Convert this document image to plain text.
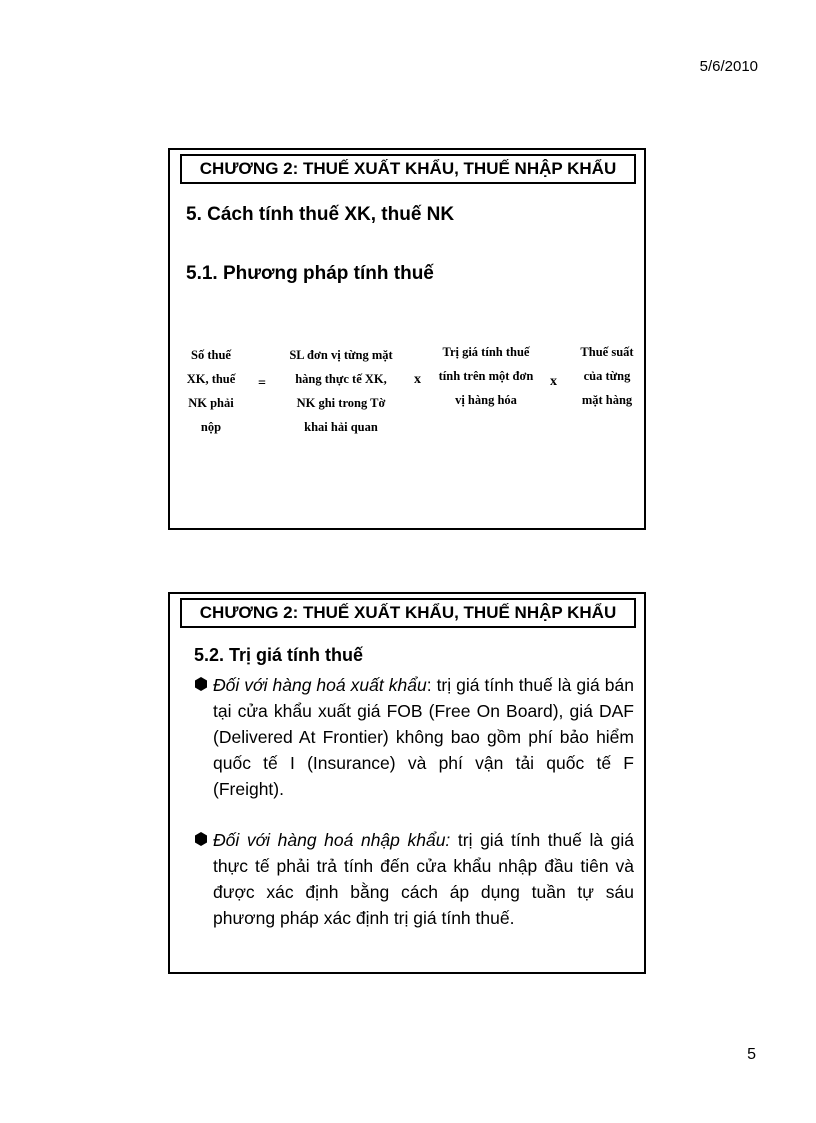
5/6/2010
CHƯƠNG 2: THUẾ XUẤT KHẨU, THUẾ NHẬP KHẨU
5. Cách tính thuế XK, thuế NK
5.1. Phương pháp tính thuế
Số thuế
XK, thuế
NK phải
nộp
=
SL đơn vị từng mặt
hàng thực tế XK,
NK ghi trong Tờ
khai hải quan
x
Trị giá tính thuế
tính trên một đơn
vị hàng hóa
x
Thuế suất
của từng
mặt hàng
CHƯƠNG 2: THUẾ XUẤT KHẨU, THUẾ NHẬP KHẨU
5.2. Trị giá tính thuế
Đối với hàng hoá xuất khẩu: trị giá tính thuế là giá bán tại cửa khẩu xuất giá FOB (Free On Board), giá DAF (Delivered At Frontier) không bao gồm phí bảo hiểm quốc tế I (Insurance) và phí vận tải quốc tế F (Freight).
Đối với hàng hoá nhập khẩu: trị giá tính thuế là giá thực tế phải trả tính đến cửa khẩu nhập đầu tiên và được xác định bằng cách áp dụng tuần tự sáu phương pháp xác định trị giá tính thuế.
5
